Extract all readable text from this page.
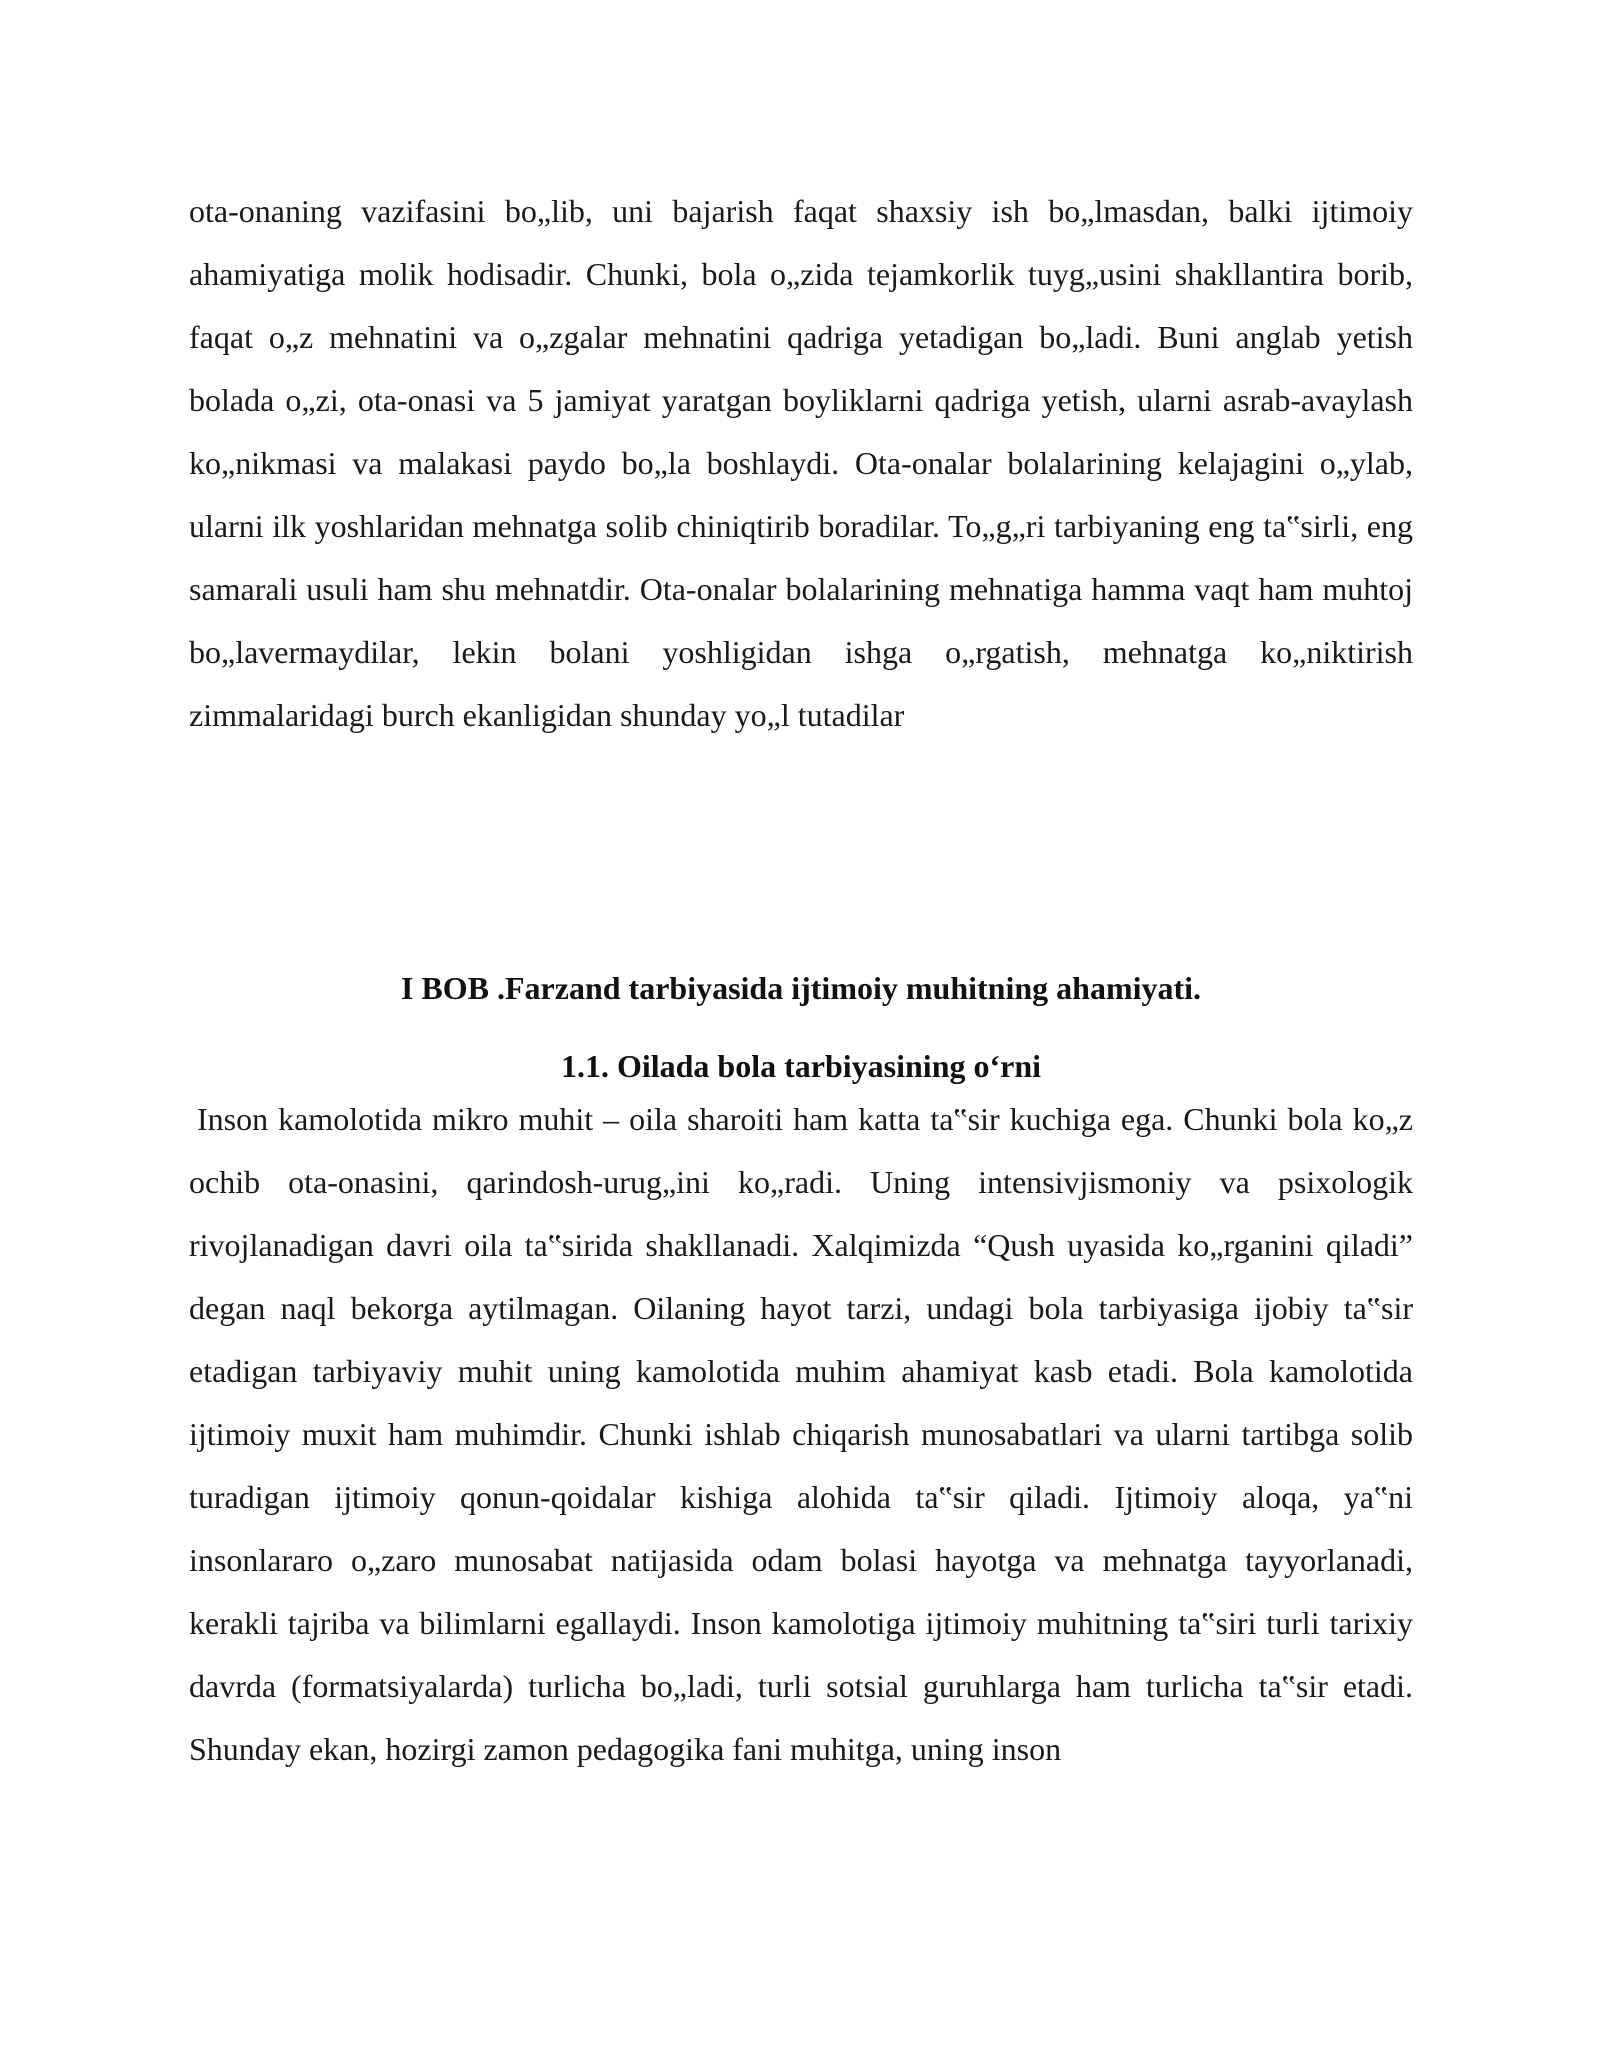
ota-onaning vazifasini bo„lib, uni bajarish faqat shaxsiy ish bo„lmasdan, balki ijtimoiy ahamiyatiga molik hodisadir. Chunki, bola o„zida tejamkorlik tuyg„usini shakllantira borib, faqat o„z mehnatini va o„zgalar mehnatini qadriga yetadigan bo„ladi. Buni anglab yetish bolada o„zi, ota-onasi va 5 jamiyat yaratgan boyliklarni qadriga yetish, ularni asrab-avaylash ko„nikmasi va malakasi paydo bo„la boshlaydi. Ota-onalar bolalarining kelajagini o„ylab, ularni ilk yoshlaridan mehnatga solib chiniqtirib boradilar. To„g„ri tarbiyaning eng ta‟sirli, eng samarali usuli ham shu mehnatdir. Ota-onalar bolalarining mehnatiga hamma vaqt ham muhtoj bo„lavermaydilar, lekin bolani yoshligidan ishga o„rgatish, mehnatga ko„niktirish zimmalaridagi burch ekanligidan shunday yo„l tutadilar

I BOB .Farzand tarbiyasida ijtimoiy muhitning ahamiyati.
1.1. Oilada bola tarbiyasining o‘rni

Inson kamolotida mikro muhit – oila sharoiti ham katta ta‟sir kuchiga ega. Chunki bola ko„z ochib ota-onasini, qarindosh-urug„ini ko„radi. Uning intensivjismoniy va psixologik rivojlanadigan davri oila ta‟sirida shakllanadi. Xalqimizda “Qush uyasida ko„rganini qiladi” degan naql bekorga aytilmagan. Oilaning hayot tarzi, undagi bola tarbiyasiga ijobiy ta‟sir etadigan tarbiyaviy muhit uning kamolotida muhim ahamiyat kasb etadi. Bola kamolotida ijtimoiy muxit ham muhimdir. Chunki ishlab chiqarish munosabatlari va ularni tartibga solib turadigan ijtimoiy qonun-qoidalar kishiga alohida ta‟sir qiladi. Ijtimoiy aloqa, ya‟ni insonlararo o„zaro munosabat natijasida odam bolasi hayotga va mehnatga tayyorlanadi, kerakli tajriba va bilimlarni egallaydi. Inson kamolotiga ijtimoiy muhitning ta‟siri turli tarixiy davrda (formatsiyalarda) turlicha bo„ladi, turli sotsial guruhlarga ham turlicha ta‟sir etadi. Shunday ekan, hozirgi zamon pedagogika fani muhitga, uning inson
